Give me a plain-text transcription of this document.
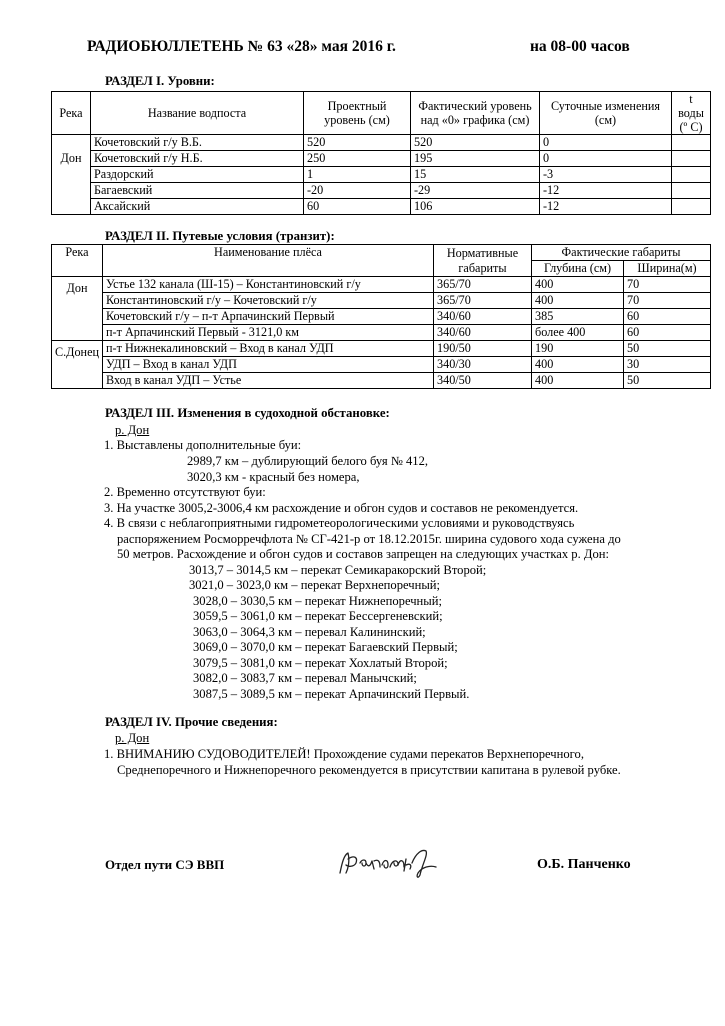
РАДИОБЮЛЛЕТЕНЬ № 63 «28» мая 2016 г.	на 08-00 часов
РАЗДЕЛ I. Уровни:
Река	Название водпоста	Проектный уровень (см)	Фактический уровень над «0» графика (см)	Суточные изменения (см)	t воды (º С)
Дон	Кочетовский г/у В.Б.	520	520	0	
	Кочетовский г/у Н.Б.	250	195	0	
	Раздорский	1	15	-3	
	Багаевский	-20	-29	-12	
	Аксайский	60	106	-12	
РАЗДЕЛ II. Путевые условия (транзит):
Река	Наименование плёса	Нормативные габариты	Фактические габариты	
			Глубина (см)	Ширина(м)
Дон	Устье 132 канала (Ш-15) – Константиновский г/у	365/70	400	70
	Константиновский г/у – Кочетовский г/у	365/70	400	70
	Кочетовский г/у – п-т Арпачинский Первый	340/60	385	60
	п-т Арпачинский Первый - 3121,0 км	340/60	более 400	60
С.Донец	п-т Нижнекалиновский – Вход в канал УДП	190/50	190	50
	УДП – Вход в канал УДП	340/30	400	30
	Вход в канал УДП – Устье	340/50	400	50
РАЗДЕЛ III. Изменения в судоходной обстановке:
р. Дон
1. Выставлены дополнительные буи:
2989,7 км – дублирующий белого буя № 412,
3020,3 км - красный без номера,
2. Временно отсутствуют буи:
3. На участке 3005,2-3006,4 км расхождение и обгон судов и составов не рекомендуется.
4. В связи с неблагоприятными гидрометеорологическими условиями и руководствуясь
распоряжением Росморречфлота № СГ-421-р от 18.12.2015г. ширина судового хода сужена до
50 метров. Расхождение и обгон судов и составов запрещен на следующих участках р. Дон:
3013,7 – 3014,5 км – перекат Семикаракорский Второй;
3021,0 – 3023,0 км – перекат Верхнепоречный;
3028,0 – 3030,5 км – перекат Нижнепоречный;
3059,5 – 3061,0 км – перекат Бессергеневский;
3063,0 – 3064,3 км – перевал Калининский;
3069,0 – 3070,0 км – перекат Багаевский Первый;
3079,5 – 3081,0 км – перекат Хохлатый Второй;
3082,0 – 3083,7 км – перевал Манычский;
3087,5 – 3089,5 км – перекат Арпачинский Первый.
РАЗДЕЛ IV. Прочие сведения:
р. Дон
1. ВНИМАНИЮ СУДОВОДИТЕЛЕЙ! Прохождение судами перекатов Верхнепоречного,
Среднепоречного и Нижнепоречного рекомендуется в присутствии капитана в рулевой рубке.
Отдел пути СЭ ВВП	О.Б. Панченко
